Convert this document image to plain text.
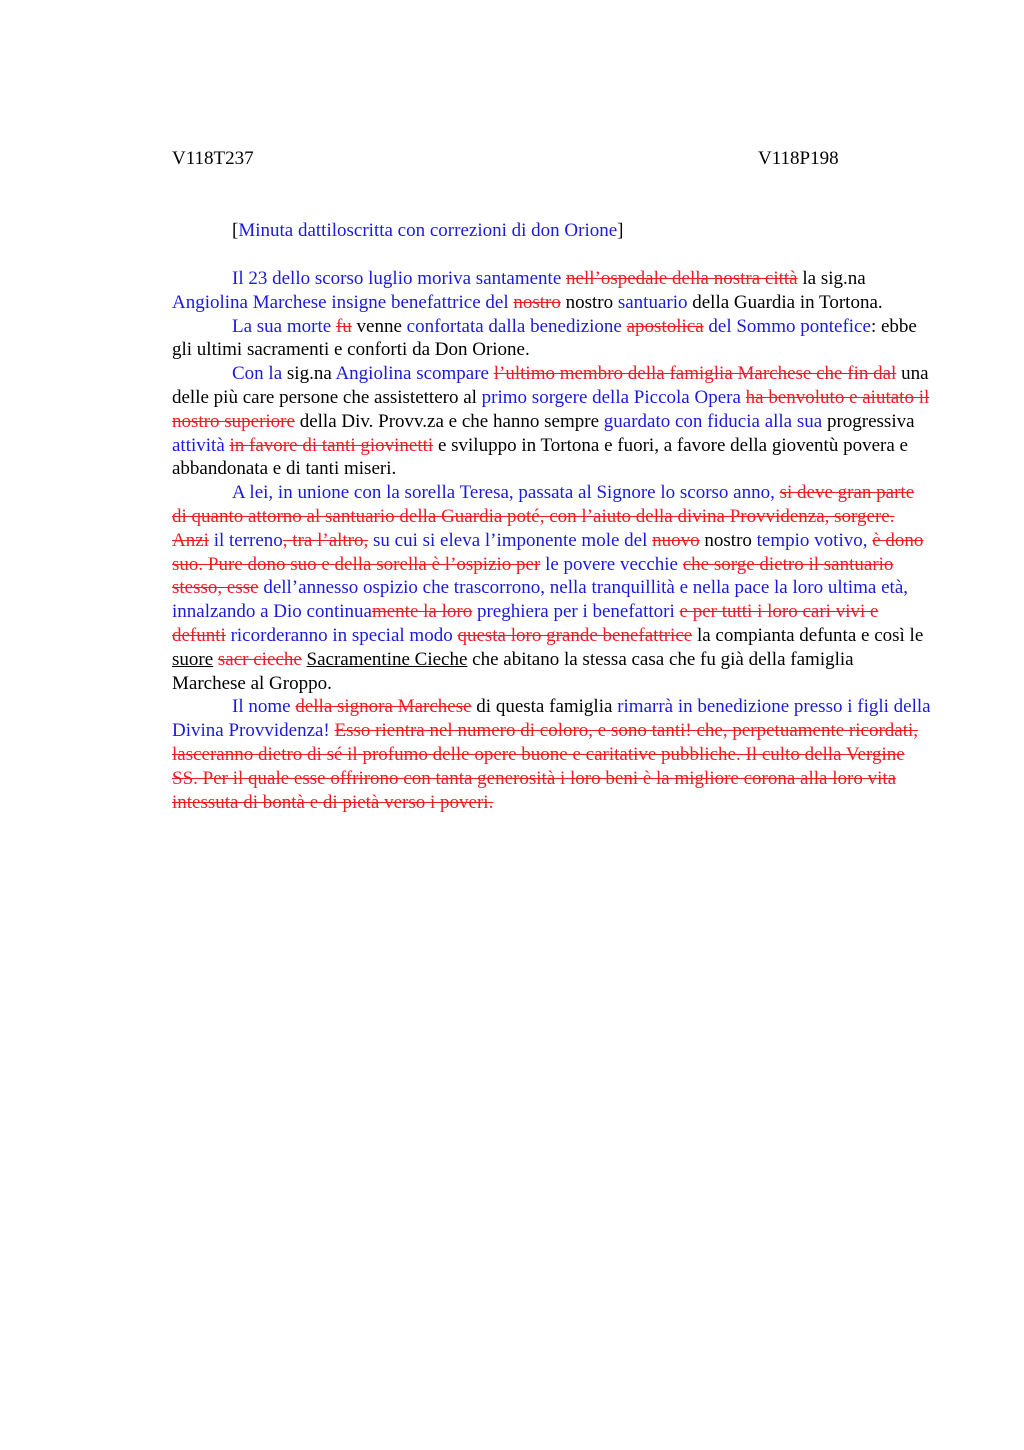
V118T237	V118P198
[Minuta dattiloscritta con correzioni di don Orione]

Il 23 dello scorso luglio moriva santamente nell’ospedale della nostra città la sig.na Angiolina Marchese insigne benefattrice del nostro nostro santuario della Guardia in Tortona.

La sua morte fu venne confortata dalla benedizione apostolica del Sommo pontefice: ebbe gli ultimi sacramenti e conforti da Don Orione.

Con la sig.na Angiolina scompare l’ultimo membro della famiglia Marchese che fin dal una delle più care persone che assistettero al primo sorgere della Piccola Opera ha benvoluto e aiutato il nostro superiore della Div. Provv.za e che hanno sempre guardato con fiducia alla sua progressiva attività in favore di tanti giovinetti e sviluppo in Tortona e fuori, a favore della gioventù povera e abbandonata e di tanti miseri.

A lei, in unione con la sorella Teresa, passata al Signore lo scorso anno, si deve gran parte di quanto attorno al santuario della Guardia poté, con l’aiuto della divina Provvidenza, sorgere. Anzi il terreno, tra l’altro, su cui si eleva l’imponente mole del nuovo nostro tempio votivo, è dono suo. Pure dono suo e della sorella è l’ospizio per le povere vecchie che sorge dietro il santuario stesso, esse dell’annesso ospizio che trascorrono, nella tranquillità e nella pace la loro ultima età, innalzando a Dio continuamente la loro preghiera per i benefattori e per tutti i loro cari vivi e defunti ricorderanno in special modo questa loro grande benefattrice la compianta defunta e così le suore sacr cieche Sacramentine Cieche che abitano la stessa casa che fu già della famiglia Marchese al Groppo.

Il nome della signora Marchese di questa famiglia rimarrà in benedizione presso i figli della Divina Provvidenza! Esso rientra nel numero di coloro, e sono tanti! che, perpetuamente ricordati, lasceranno dietro di sé il profumo delle opere buone e caritative pubbliche. Il culto della Vergine SS. Per il quale esse offrirono con tanta generosità i loro beni è la migliore corona alla loro vita intessuta di bontà e di pietà verso i poveri.
